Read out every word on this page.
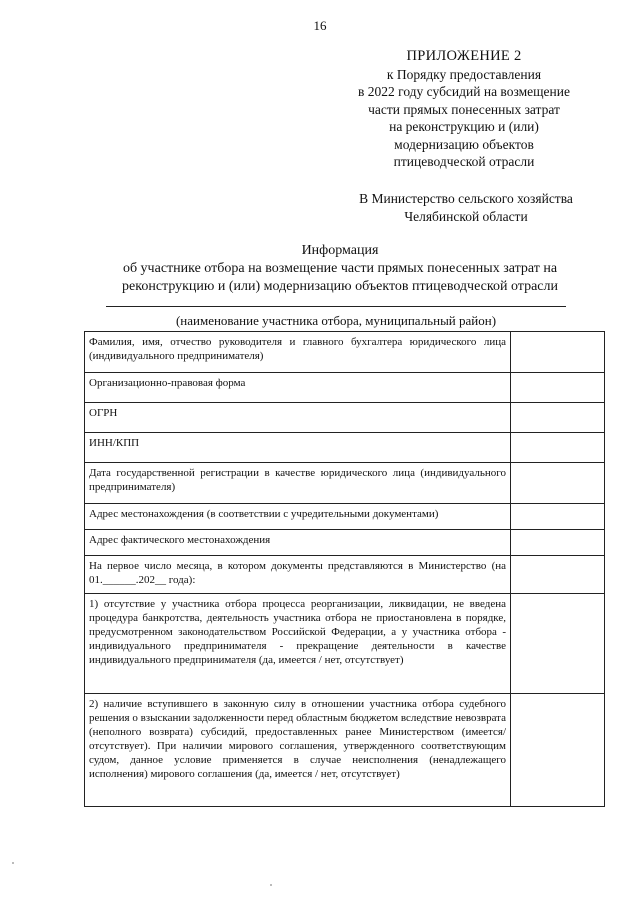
16
ПРИЛОЖЕНИЕ 2
к Порядку предоставления
в 2022 году субсидий на возмещение
части прямых понесенных затрат
на реконструкцию и (или)
модернизацию объектов
птицеводческой отрасли
В Министерство сельского хозяйства
Челябинской области
Информация
об участнике отбора на возмещение части прямых понесенных затрат на
реконструкцию и (или) модернизацию объектов птицеводческой отрасли
(наименование участника отбора, муниципальный район)
Фамилия, имя, отчество руководителя и главного бухгалтера юридического лица (индивидуального предпринимателя)	
Организационно-правовая форма	
ОГРН	
ИНН/КПП	
Дата государственной регистрации в качестве юридического лица (индивидуального предпринимателя)	
Адрес местонахождения (в соответствии с учредительными документами)	
Адрес фактического местонахождения	
На первое число месяца, в котором документы представляются в Министерство (на 01.______.202__ года):	
1) отсутствие у участника отбора процесса реорганизации, ликвидации, не введена процедура банкротства, деятельность участника отбора не приостановлена в порядке, предусмотренном законодательством Российской Федерации, а у участника отбора - индивидуального предпринимателя - прекращение деятельности в качестве индивидуального предпринимателя (да, имеется / нет, отсутствует)	
2) наличие вступившего в законную силу в отношении участника отбора судебного решения о взыскании задолженности перед областным бюджетом вследствие невозврата (неполного возврата) субсидий, предоставленных ранее Министерством (имеется/отсутствует). При наличии мирового соглашения, утвержденного соответствующим судом, данное условие применяется в случае неисполнения (ненадлежащего исполнения) мирового соглашения (да, имеется / нет, отсутствует)	
